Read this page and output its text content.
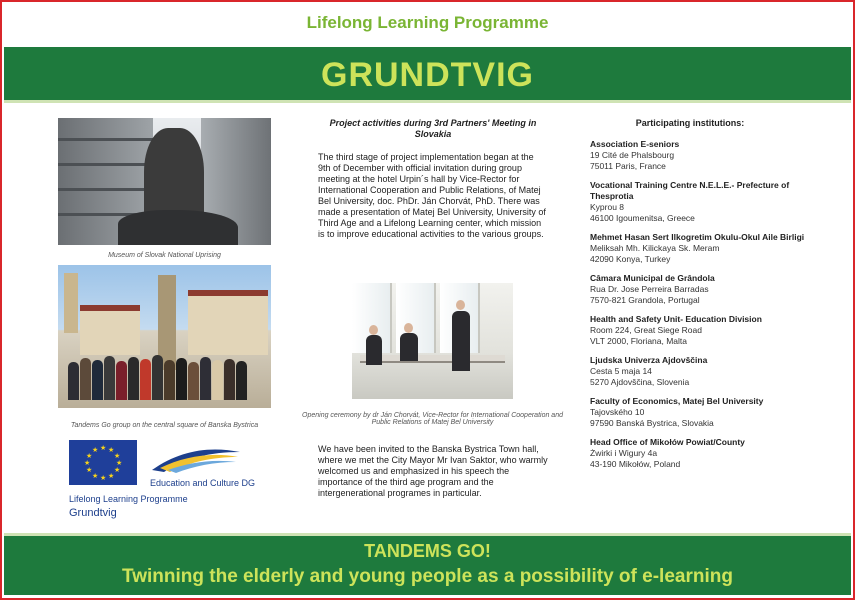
Lifelong Learning Programme
GRUNDTVIG
Museum of Slovak National Uprising
Tandems Go group on the central square of Banska Bystrica
★ ★
★
★
★
★
★
★
★
★
★
★
Education and Culture DG
Lifelong Learning Programme
Grundtvig
Project activities during 3rd Partners' Meeting in Slovakia
The third stage of project implementation began at the 9th of December with official invitation during group meeting at the hotel Urpin´s hall by Vice-Rector for International Cooperation and Public Relations, of Matej Bel University, doc. PhDr. Ján Chorvát, PhD. There was made a presentation of Matej Bel University, University of Third Age and a Lifelong Learning center, which mission is to improve educational activities to the various groups.
Opening ceremony by dr Ján Chorvát, Vice-Rector for International Cooperation and Public Relations of Matej Bel University
We have been invited to the Banska Bystrica Town hall, where we met the City Mayor Mr Ivan Saktor, who warmly welcomed us and emphasized in his speech the importance of the third age program and the intergenerational programes in particular.
Participating institutions:
Association E-seniors
19 Cité de Phalsbourg
75011 Paris, France
Vocational Training Centre N.E.L.E.- Prefecture of Thesprotia
Kyprou 8
46100 Igoumenitsa, Greece
Mehmet Hasan Sert Ilkogretim Okulu-Okul Aile Birligi
Meliksah Mh. Kilickaya Sk. Meram
42090 Konya, Turkey
Câmara Municipal de Grândola
Rua Dr. Jose Perreira Barradas
7570-821 Grandola, Portugal
Health and Safety Unit- Education Division
Room 224, Great Siege Road
VLT 2000, Floriana, Malta
Ljudska Univerza Ajdovščina
Cesta 5 maja 14
5270 Ajdovščina, Slovenia
Faculty of Economics, Matej Bel University
Tajovského 10
97590 Banská Bystrica, Slovakia
Head Office of Mikołów Powiat/County
Żwirki i Wigury 4a
43-190 Mikołów, Poland
TANDEMS GO!
Twinning the elderly and young people as a possibility of e-learning
